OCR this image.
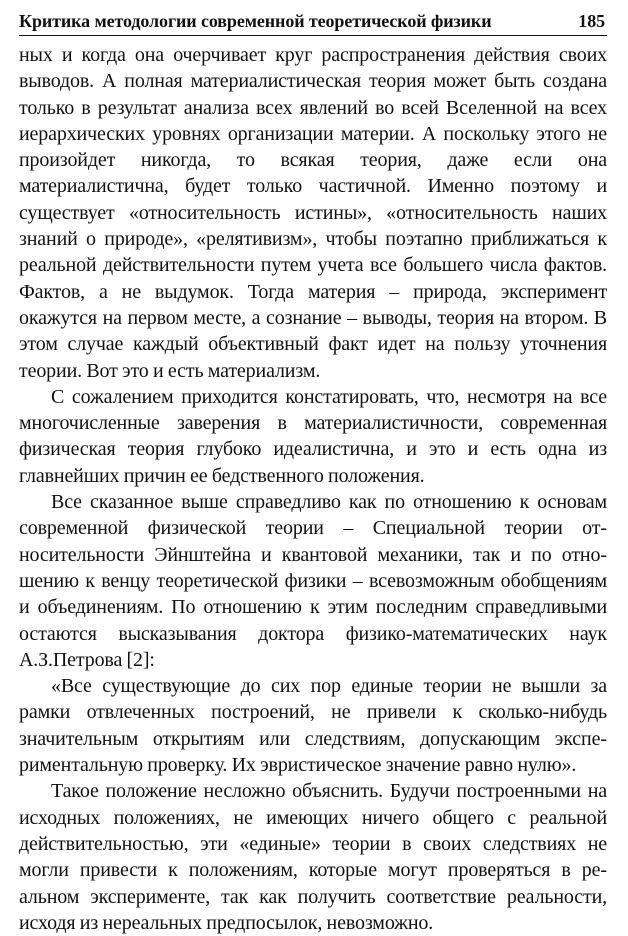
Критика методологии современной теоретической физики	185

ных и когда она очерчивает круг распространения действия своих выводов. А полная материалистическая теория может быть создана только в результат анализа всех явлений во всей Вселенной на всех иерархических уровнях организации материи. А поскольку этого не произойдет никогда, то всякая теория, даже если она материалистична, будет только частичной. Именно поэтому и существует «относительность истины», «относительность наших знаний о природе», «релятивизм», чтобы поэтапно приближаться к реальной действительности путем учета все большего числа фактов. Фактов, а не выдумок. Тогда материя – природа, эксперимент окажутся на первом месте, а сознание – выводы, теория на втором. В этом случае каждый объективный факт идет на пользу уточнения теории. Вот это и есть материализм.

С сожалением приходится констатировать, что, несмотря на все многочисленные заверения в материалистичности, современная физическая теория глубоко идеалистична, и это и есть одна из главнейших причин ее бедственного положения.

Все сказанное выше справедливо как по отношению к основам современной физической теории – Специальной теории относительности Эйнштейна и квантовой механики, так и по отношению к венцу теоретической физики – всевозможным обобщениям и объединениям. По отношению к этим последним справедливыми остаются высказывания доктора физико-математических наук А.З.Петрова [2]:

«Все существующие до сих пор единые теории не вышли за рамки отвлеченных построений, не привели к сколько-нибудь значительным открытиям или следствиям, допускающим экспериментальную проверку. Их эвристическое значение равно нулю».

Такое положение несложно объяснить. Будучи построенными на исходных положениях, не имеющих ничего общего с реальной действительностью, эти «единые» теории в своих следствиях не могли привести к положениям, которые могут проверяться в реальном эксперименте, так как получить соответствие реальности, исходя из нереальных предпосылок, невозможно.
